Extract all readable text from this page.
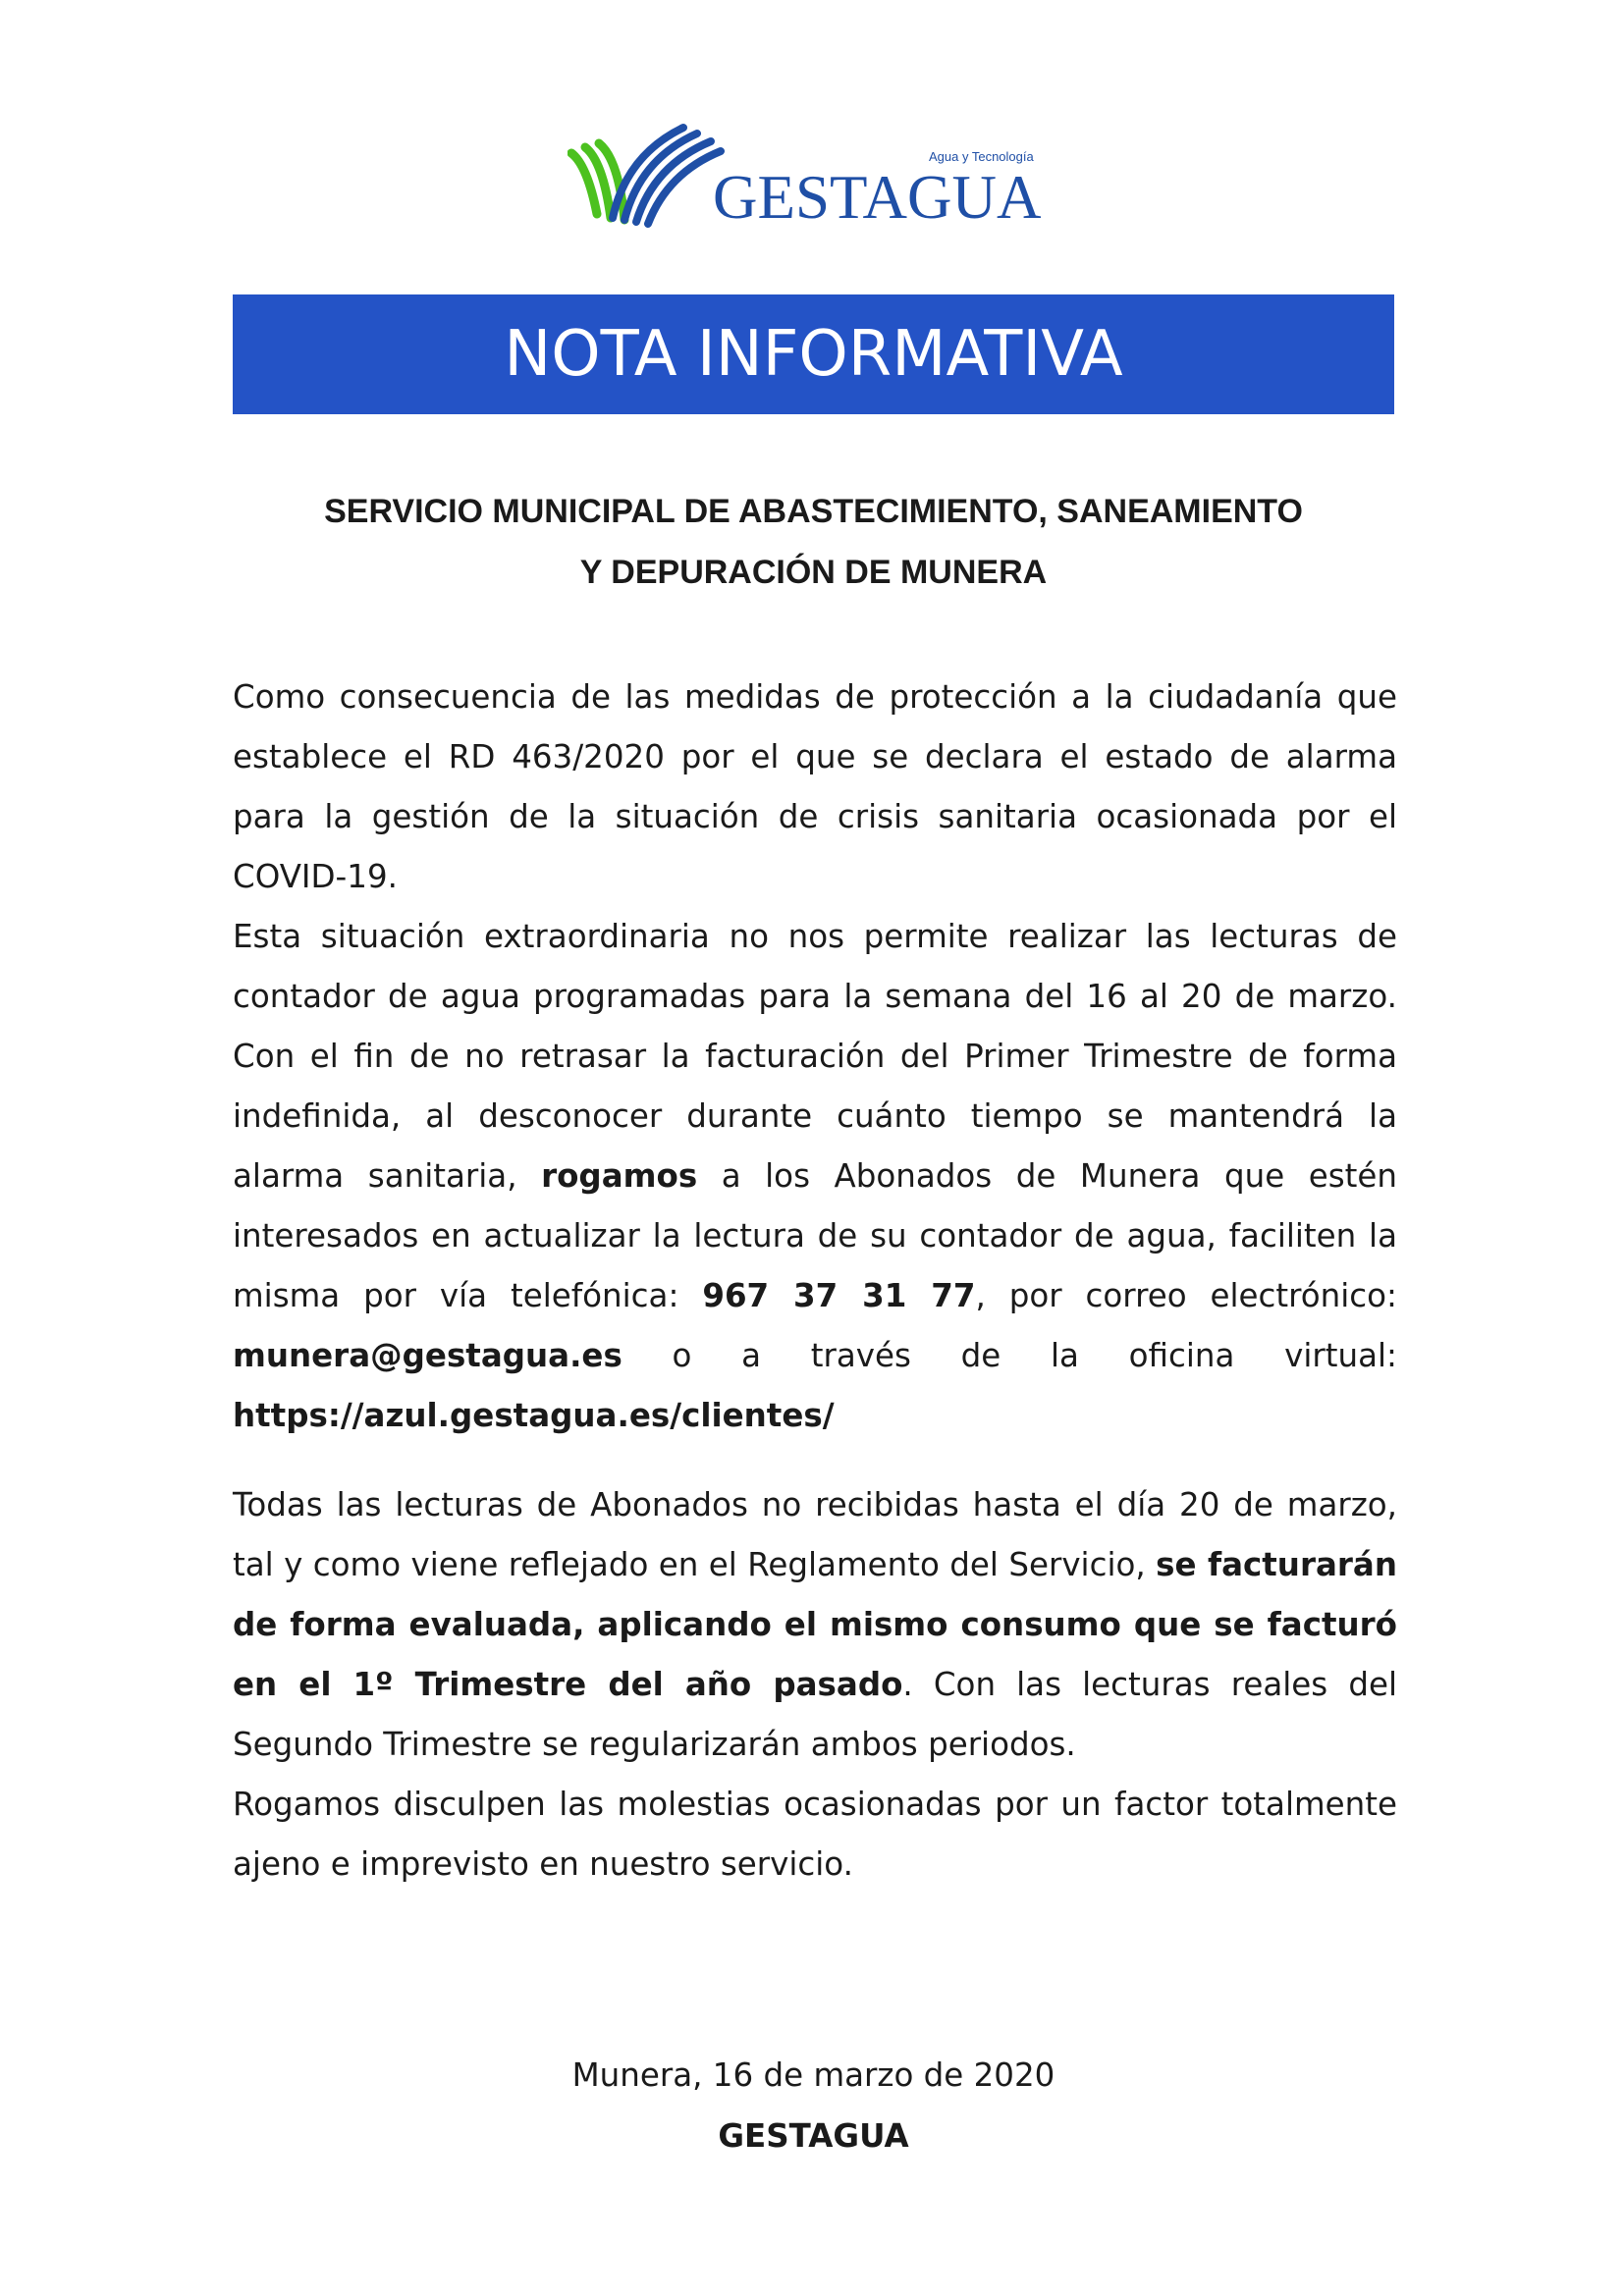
Agua y Tecnología
GESTAGUA
NOTA INFORMATIVA
SERVICIO MUNICIPAL DE ABASTECIMIENTO, SANEAMIENTO
Y DEPURACIÓN DE MUNERA

Como consecuencia de las medidas de protección a la ciudadanía que establece el RD 463/2020 por el que se declara el estado de alarma para la gestión de la situación de crisis sanitaria ocasionada por el COVID-19.

Esta situación extraordinaria no nos permite realizar las lecturas de contador de agua programadas para la semana del 16 al 20 de marzo. Con el fin de no retrasar la facturación del Primer Trimestre de forma indefinida, al desconocer durante cuánto tiempo se mantendrá la alarma sanitaria, rogamos a los Abonados de Munera que estén interesados en actualizar la lectura de su contador de agua, faciliten la misma por vía telefónica: 967 37 31 77, por correo electrónico: munera@gestagua.es o a través de la oficina virtual: https://azul.gestagua.es/clientes/

Todas las lecturas de Abonados no recibidas hasta el día 20 de marzo, tal y como viene reflejado en el Reglamento del Servicio, se facturarán de forma evaluada, aplicando el mismo consumo que se facturó en el 1º Trimestre del año pasado. Con las lecturas reales del Segundo Trimestre se regularizarán ambos periodos.

Rogamos disculpen las molestias ocasionadas por un factor totalmente ajeno e imprevisto en nuestro servicio.

Munera, 16 de marzo de 2020
GESTAGUA
